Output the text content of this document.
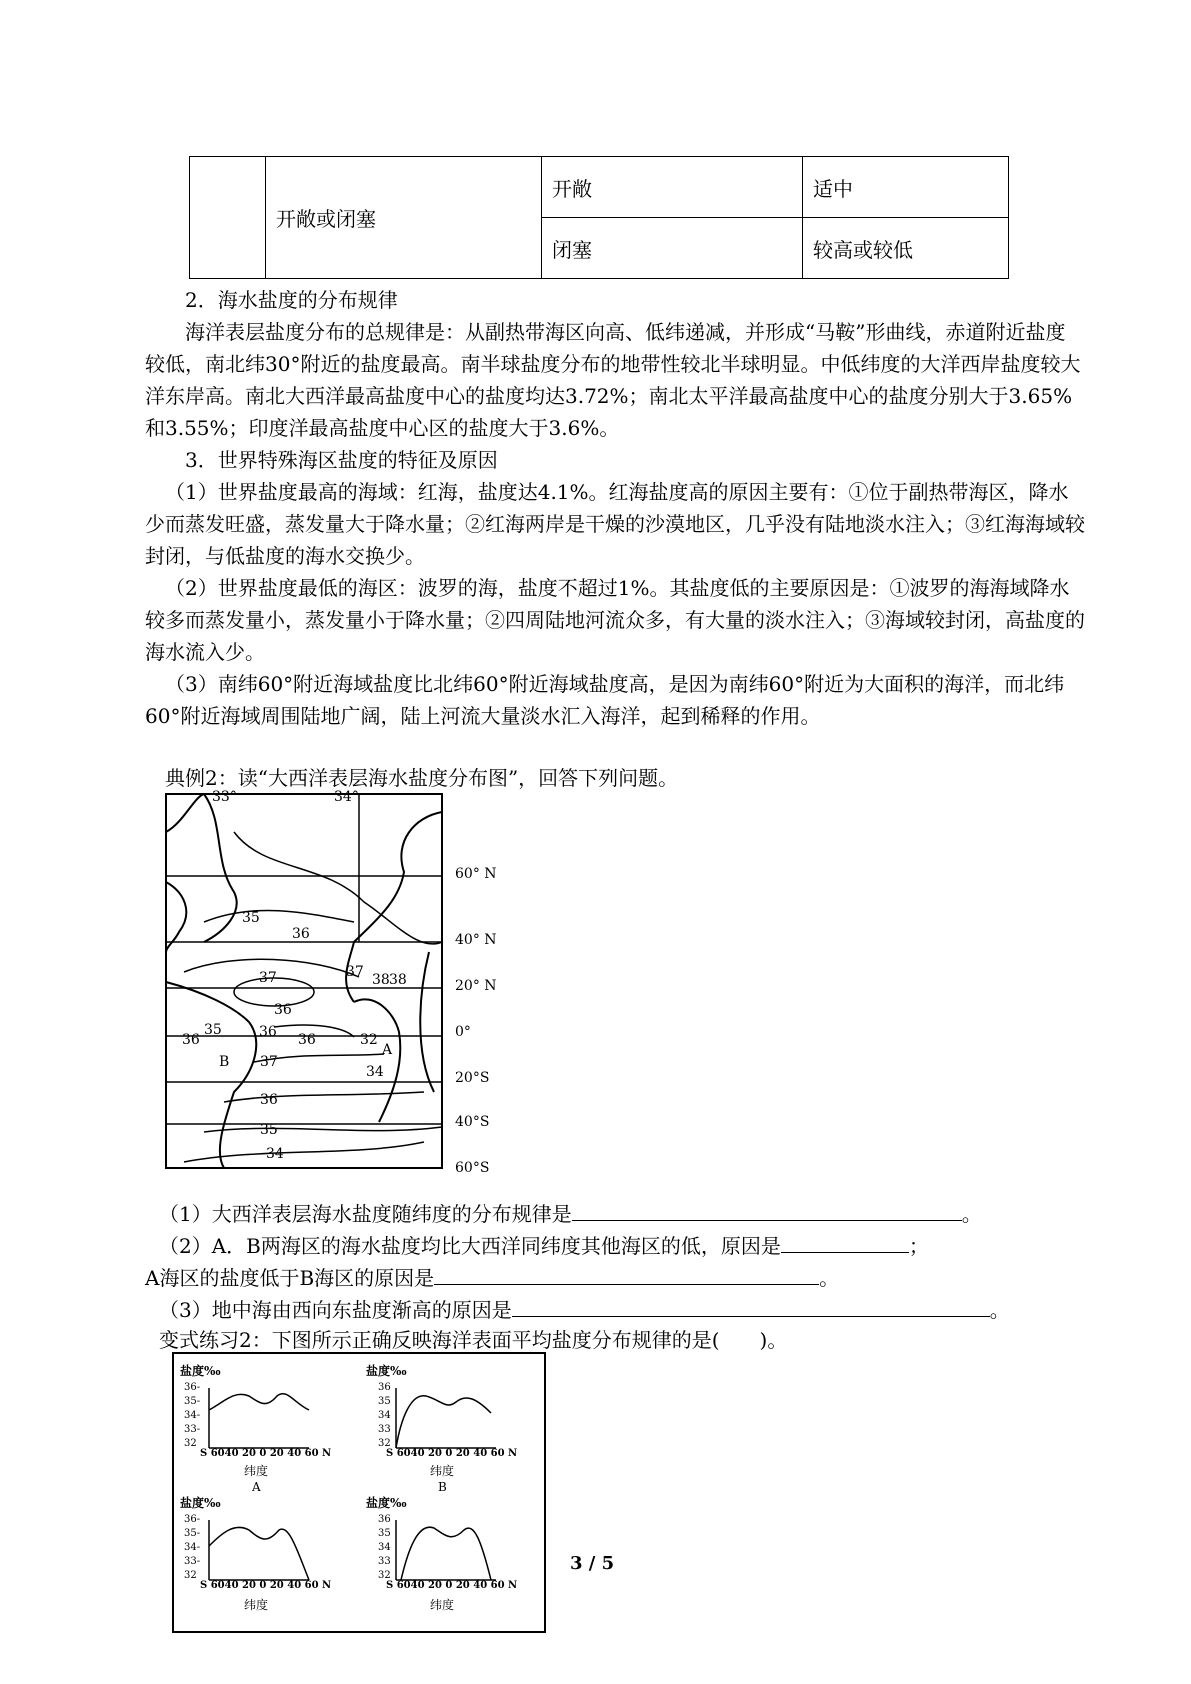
	开敞或闭塞	开敞	适中
		闭塞	较高或较低

2．海水盐度的分布规律

海洋表层盐度分布的总规律是：从副热带海区向高、低纬递减，并形成“马鞍”形曲线，赤道附近盐度较低，南北纬30°附近的盐度最高。南半球盐度分布的地带性较北半球明显。中低纬度的大洋西岸盐度较大洋东岸高。南北大西洋最高盐度中心的盐度均达3.72%；南北太平洋最高盐度中心的盐度分别大于3.65%和3.55%；印度洋最高盐度中心区的盐度大于3.6%。

3．世界特殊海区盐度的特征及原因

（1）世界盐度最高的海域：红海，盐度达4.1%。红海盐度高的原因主要有：①位于副热带海区，降水少而蒸发旺盛，蒸发量大于降水量；②红海两岸是干燥的沙漠地区，几乎没有陆地淡水注入；③红海海域较封闭，与低盐度的海水交换少。

（2）世界盐度最低的海区：波罗的海，盐度不超过1%。其盐度低的主要原因是：①波罗的海海域降水较多而蒸发量小，蒸发量小于降水量；②四周陆地河流众多，有大量的淡水注入；③海域较封闭，高盐度的海水流入少。

（3）南纬60°附近海域盐度比北纬60°附近海域盐度高，是因为南纬60°附近为大面积的海洋，而北纬60°附近海域周围陆地广阔，陆上河流大量淡水汇入海洋，起到稀释的作用。

典例2：读“大西洋表层海水盐度分布图”，回答下列问题。

33°	34°
35
36
37	37 38 38
36
35
36	36 36	32
37
34
36
35
34
A
B
60° N
40° N
20° N
0°
20°S
40°S
60°S

（1）大西洋表层海水盐度随纬度的分布规律是	。

（2）A．B两海区的海水盐度均比大西洋同纬度其他海区的低，原因是	；

A海区的盐度低于B海区的原因是	。

（3）地中海由西向东盐度渐高的原因是	。

变式练习2：下图所示正确反映海洋表面平均盐度分布规律的是(　　)。

盐度‰
36-
35-
34-
33-
32
S 6040 20 0 20 40 60 N
纬度
A
盐度‰
36
35
34
33
32
S 6040 20 0 20 40 60 N
纬度
B
盐度‰
36-
35-
34-
33-
32
S 6040 20 0 20 40 60 N
纬度
盐度‰
36
35
34
33
32
S 6040 20 0 20 40 60 N
纬度
3 / 5
